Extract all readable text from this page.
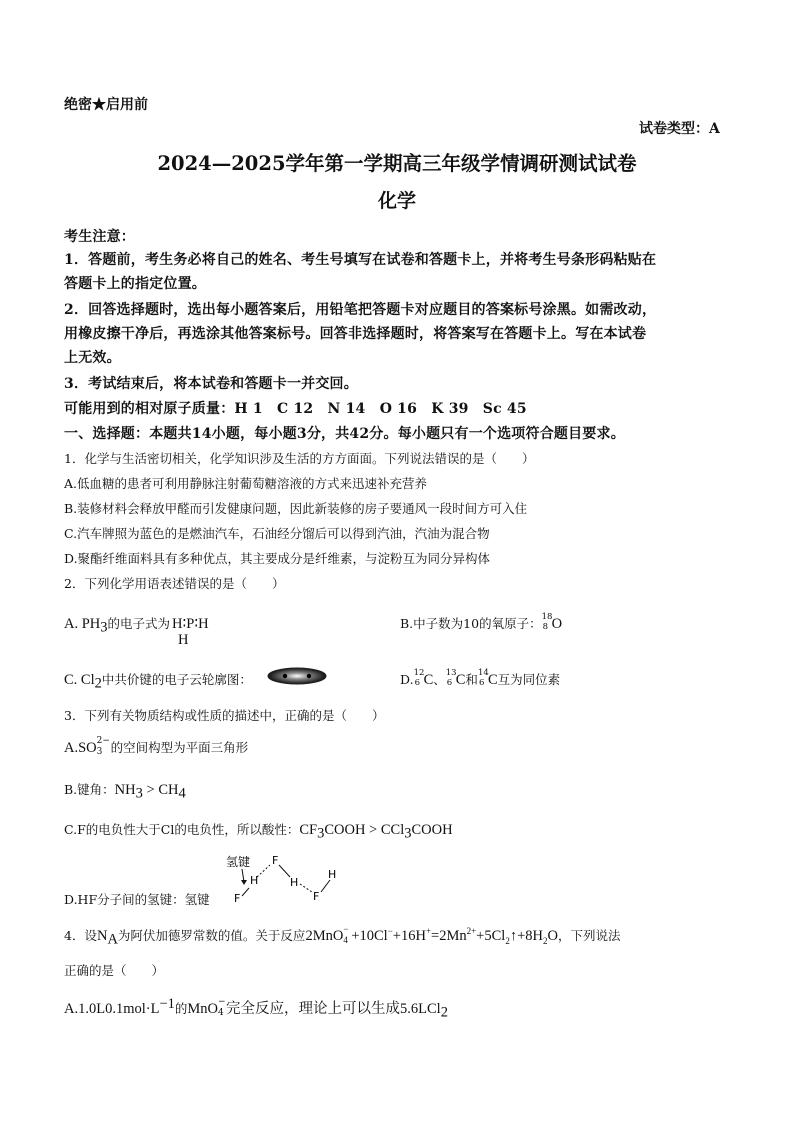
绝密★启用前
试卷类型：A
2024—2025学年第一学期高三年级学情调研测试试卷
化学
考生注意：
1．答题前，考生务必将自己的姓名、考生号填写在试卷和答题卡上，并将考生号条形码粘贴在
答题卡上的指定位置。
2．回答选择题时，选出每小题答案后，用铅笔把答题卡对应题目的答案标号涂黑。如需改动，
用橡皮擦干净后，再选涂其他答案标号。回答非选择题时，将答案写在答题卡上。写在本试卷
上无效。
3．考试结束后，将本试卷和答题卡一并交回。
可能用到的相对原子质量：H 1　C 12　N 14　O 16　K 39　Sc 45
一、选择题：本题共14小题，每小题3分，共42分。每小题只有一个选项符合题目要求。
1．化学与生活密切相关，化学知识涉及生活的方方面面。下列说法错误的是（　　）
A.低血糖的患者可利用静脉注射葡萄糖溶液的方式来迅速补充营养
B.装修材料会释放甲醛而引发健康问题，因此新装修的房子要通风一段时间方可入住
C.汽车牌照为蓝色的是燃油汽车，石油经分馏后可以得到汽油，汽油为混合物
D.聚酯纤维面料具有多种优点，其主要成分是纤维素，与淀粉互为同分异构体
2．下列化学用语表述错误的是（　　）
A. $PH_3$的电子式为 H∶P∶H
H
B.中子数为10的氧原子： 18
8 O
C. $Cl_2$中共价键的电子云轮廓图：	D. 12
6 C、 13
6 C和 14
6 C互为同位素
3．下列有关物质结构或性质的描述中，正确的是（　　）
A.SO 2−
3 的空间构型为平面三角形
B.键角：$NH_3 > CH_4$
C.F的电负性大于Cl的电负性，所以酸性：$CF_3COOH$ > CCl$_3$COOH
D.HF分子间的氢键：氢键
氢键
H
F
F
H
F
H
4．设$N_A$为阿伏加德罗常数的值。关于反应2MnO −
$4 +10Cl^-+16H^+=2Mn^{2+}+5Cl_2↑+8H_2O$，下列说法
正确的是（　　）
$A.1.0L0.1mol\cdot L^{-1}$的MnO −
4 完全反应，理论上可以生成5.6LCl$_2$
